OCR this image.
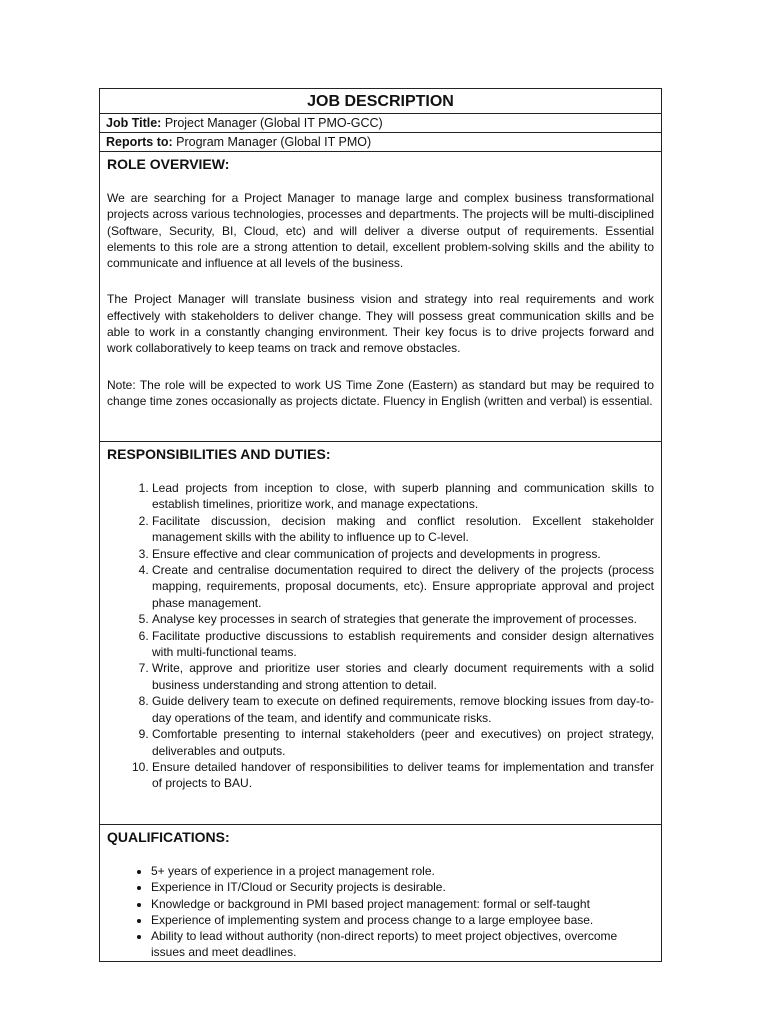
JOB DESCRIPTION
Job Title: Project Manager (Global IT PMO-GCC)
Reports to: Program Manager (Global IT PMO)

ROLE OVERVIEW:

We are searching for a Project Manager to manage large and complex business transformational projects across various technologies, processes and departments. The projects will be multi-disciplined (Software, Security, BI, Cloud, etc) and will deliver a diverse output of requirements. Essential elements to this role are a strong attention to detail, excellent problem-solving skills and the ability to communicate and influence at all levels of the business.

The Project Manager will translate business vision and strategy into real requirements and work effectively with stakeholders to deliver change. They will possess great communication skills and be able to work in a constantly changing environment. Their key focus is to drive projects forward and work collaboratively to keep teams on track and remove obstacles.

Note: The role will be expected to work US Time Zone (Eastern) as standard but may be required to change time zones occasionally as projects dictate. Fluency in English (written and verbal) is essential.

RESPONSIBILITIES AND DUTIES:

1. Lead projects from inception to close, with superb planning and communication skills to establish timelines, prioritize work, and manage expectations.
2. Facilitate discussion, decision making and conflict resolution. Excellent stakeholder management skills with the ability to influence up to C-level.
3. Ensure effective and clear communication of projects and developments in progress.
4. Create and centralise documentation required to direct the delivery of the projects (process mapping, requirements, proposal documents, etc). Ensure appropriate approval and project phase management.
5. Analyse key processes in search of strategies that generate the improvement of processes.
6. Facilitate productive discussions to establish requirements and consider design alternatives with multi-functional teams.
7. Write, approve and prioritize user stories and clearly document requirements with a solid business understanding and strong attention to detail.
8. Guide delivery team to execute on defined requirements, remove blocking issues from day-to-day operations of the team, and identify and communicate risks.
9. Comfortable presenting to internal stakeholders (peer and executives) on project strategy, deliverables and outputs.
10. Ensure detailed handover of responsibilities to deliver teams for implementation and transfer of projects to BAU.

QUALIFICATIONS:

• 5+ years of experience in a project management role.
• Experience in IT/Cloud or Security projects is desirable.
• Knowledge or background in PMI based project management: formal or self-taught
• Experience of implementing system and process change to a large employee base.
• Ability to lead without authority (non-direct reports) to meet project objectives, overcome issues and meet deadlines.
